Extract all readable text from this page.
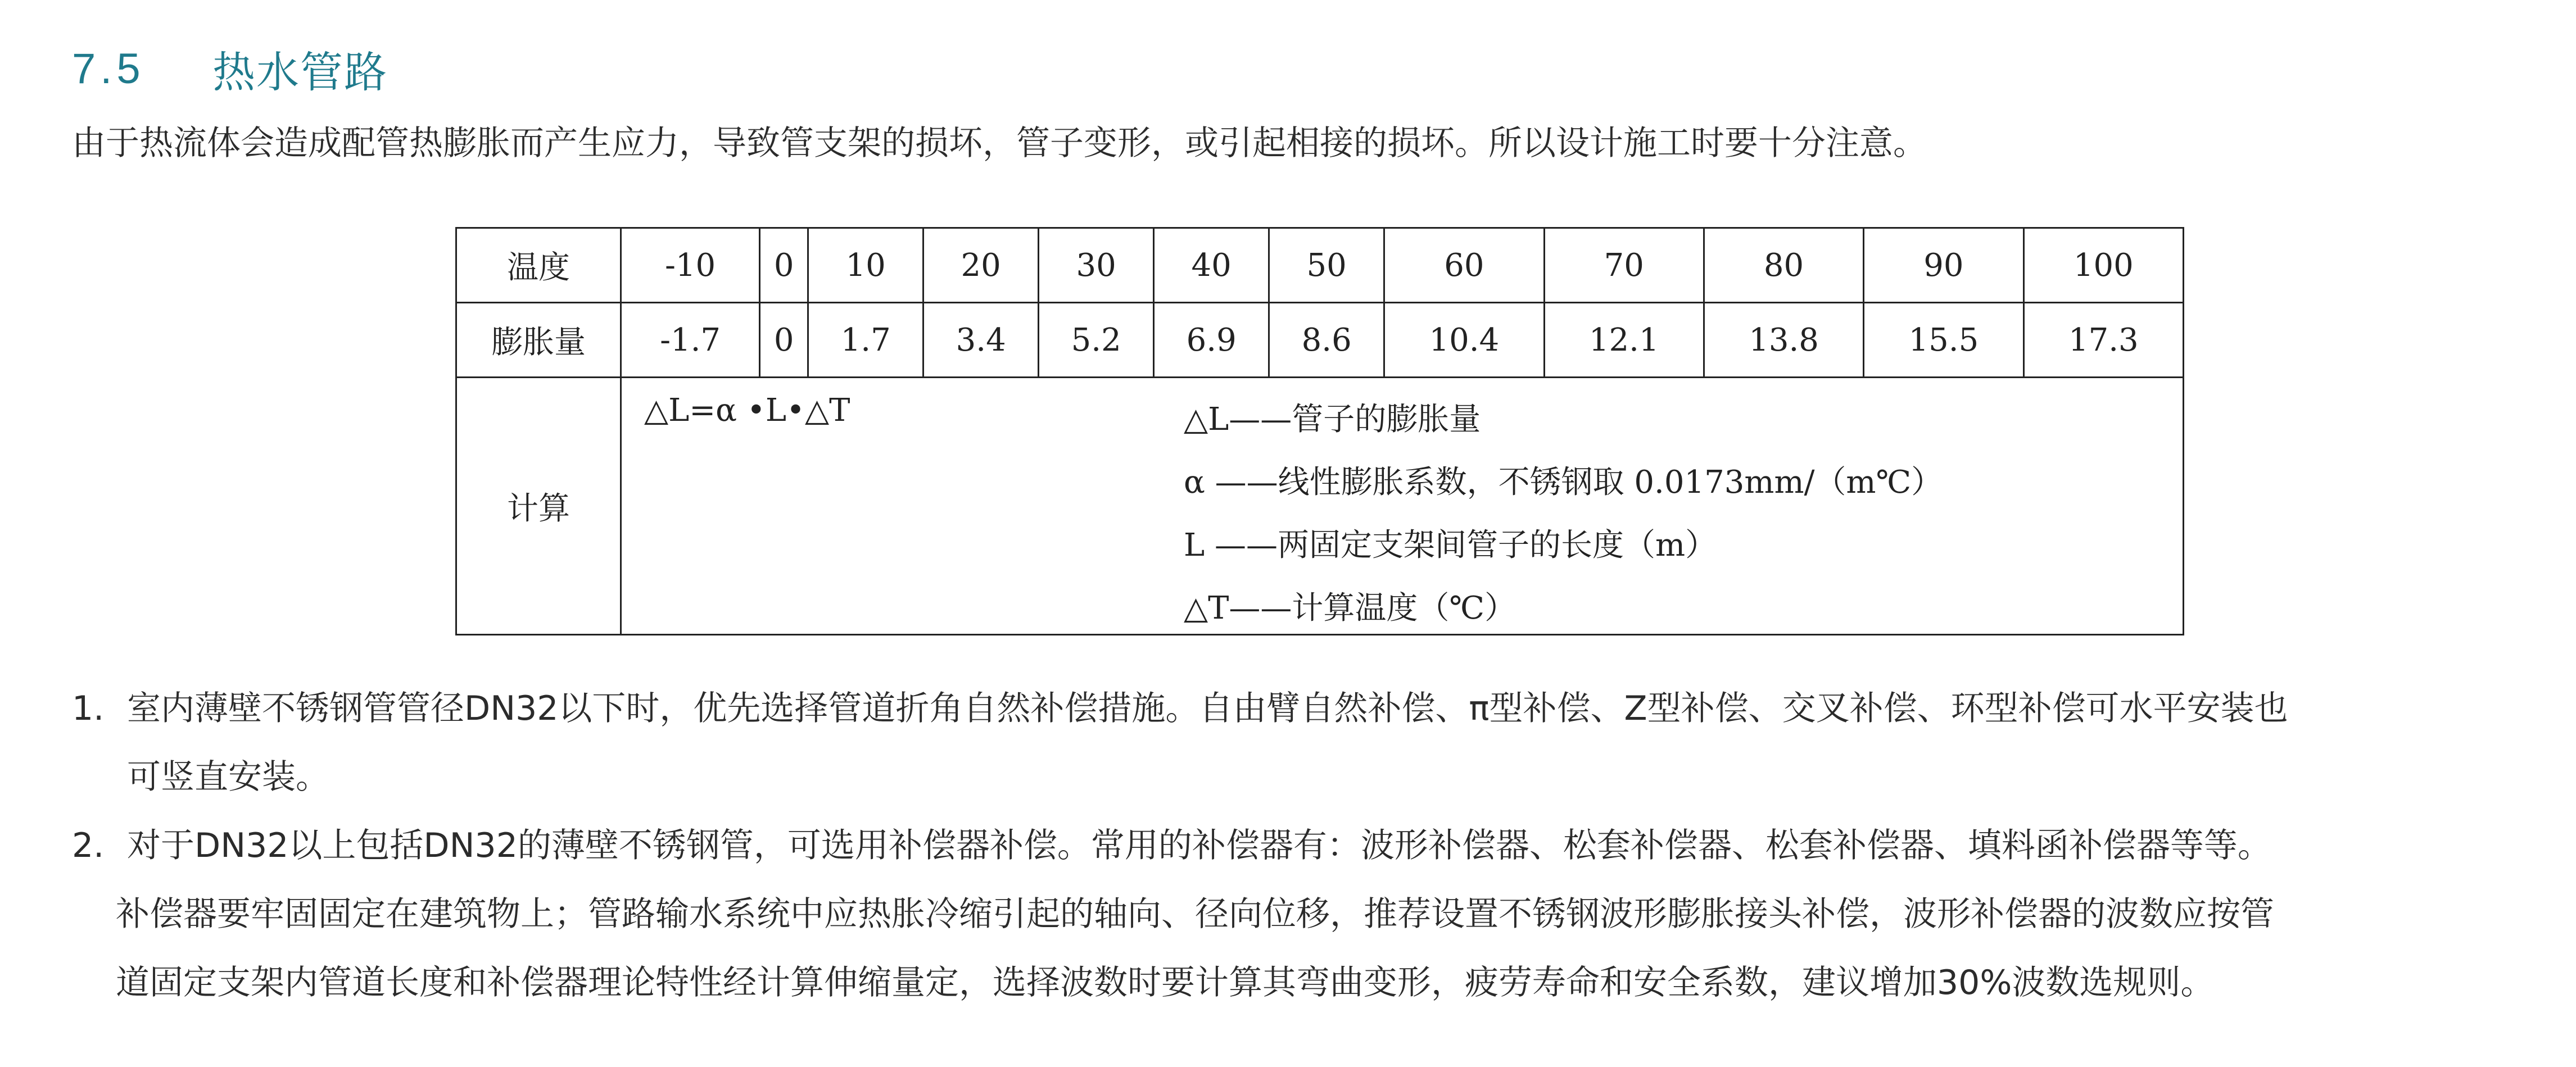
7.5	热水管路
由于热流体会造成配管热膨胀而产生应力，导致管支架的损坏，管子变形，或引起相接的损坏。所以设计施工时要十分注意。
温度	-10	0	10	20	30	40	50	60	70	80	90	100
膨胀量	-1.7	0	1.7	3.4	5.2	6.9	8.6	10.4	12.1	13.8	15.5	17.3
计算	△L=α •L•△T △L——管子的膨胀量
α ——线性膨胀系数，不锈钢取 0.0173mm/（m℃）
L ——两固定支架间管子的长度（m）
△T——计算温度（℃）											
1. 室内薄壁不锈钢管管径DN32以下时，优先选择管道折角自然补偿措施。自由臂自然补偿、π型补偿、Z型补偿、交叉补偿、环型补偿可水平安装也
可竖直安装。
2. 对于DN32以上包括DN32的薄壁不锈钢管，可选用补偿器补偿。常用的补偿器有：波形补偿器、松套补偿器、松套补偿器、填料函补偿器等等。
补偿器要牢固固定在建筑物上；管路输水系统中应热胀冷缩引起的轴向、径向位移，推荐设置不锈钢波形膨胀接头补偿，波形补偿器的波数应按管
道固定支架内管道长度和补偿器理论特性经计算伸缩量定，选择波数时要计算其弯曲变形，疲劳寿命和安全系数，建议增加30%波数选规则。
